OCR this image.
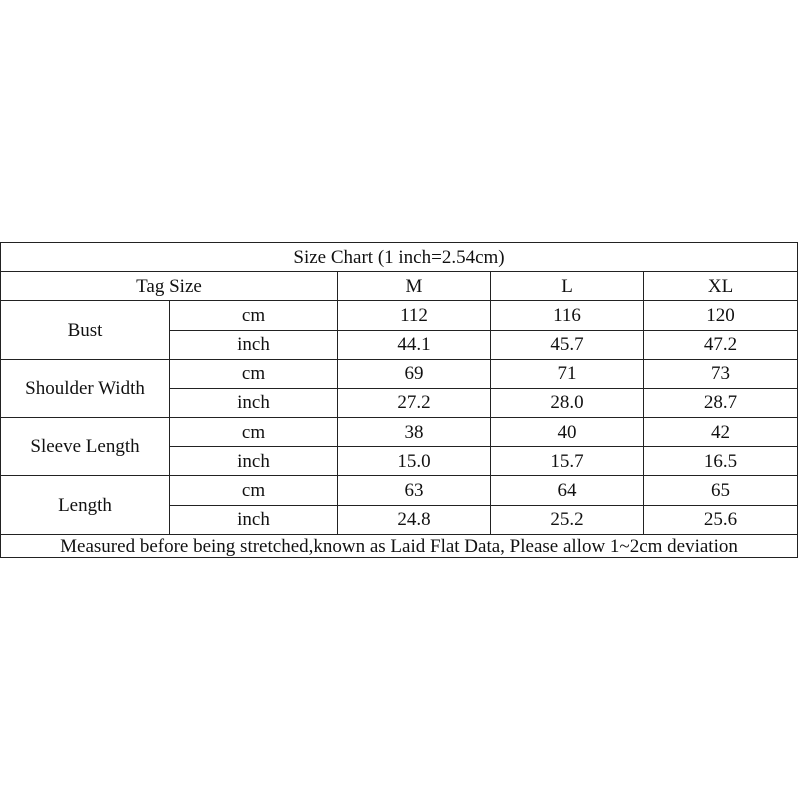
Size Chart (1 inch=2.54cm)				
Tag Size		M	L	XL
Bust	cm	112	116	120
	inch	44.1	45.7	47.2
Shoulder Width	cm	69	71	73
	inch	27.2	28.0	28.7
Sleeve Length	cm	38	40	42
	inch	15.0	15.7	16.5
Length	cm	63	64	65
	inch	24.8	25.2	25.6
Measured before being stretched,known as Laid Flat Data, Please allow 1~2cm deviation				
